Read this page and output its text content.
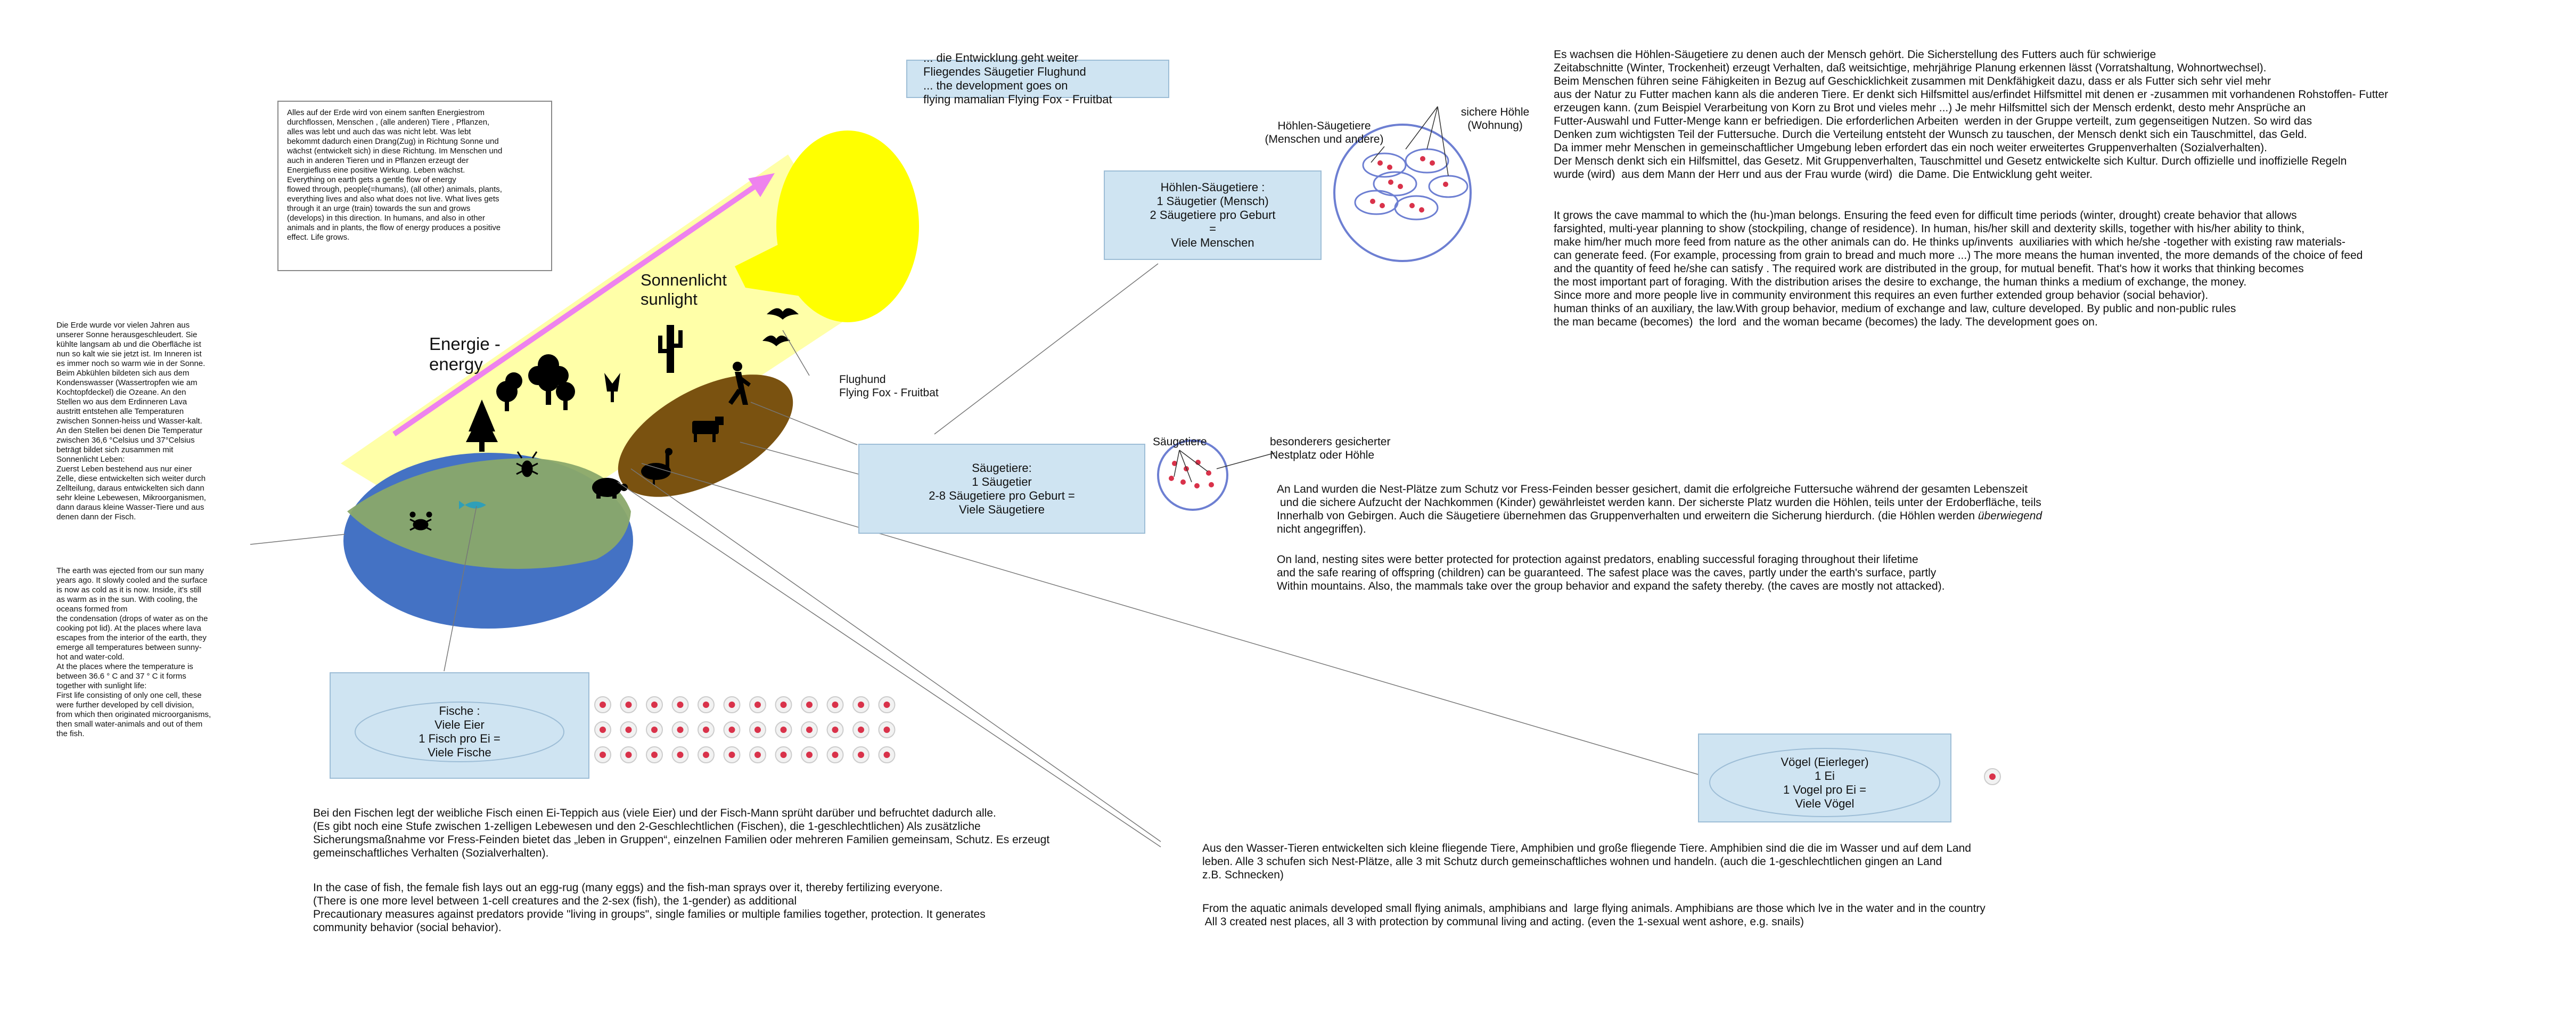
Die Erde wurde vor vielen Jahren aus
unserer Sonne herausgeschleudert. Sie
kühlte langsam ab und die Oberfläche ist
nun so kalt wie sie jetzt ist. Im Inneren ist
es immer noch so warm wie in der Sonne.
Beim Abkühlen bildeten sich aus dem
Kondenswasser (Wassertropfen wie am
Kochtopfdeckel) die Ozeane. An den
Stellen wo aus dem Erdinneren Lava
austritt entstehen alle Temperaturen
zwischen Sonnen-heiss und Wasser-kalt.
An den Stellen bei denen Die Temperatur
zwischen 36,6 °Celsius und 37°Celsius
beträgt bildet sich zusammen mit
Sonnenlicht Leben:
Zuerst Leben bestehend aus nur einer
Zelle, diese entwickelten sich weiter durch
Zellteilung, daraus entwickelten sich dann
sehr kleine Lebewesen, Mikroorganismen,
dann daraus kleine Wasser-Tiere und aus
denen dann der Fisch.
The earth was ejected from our sun many
years ago. It slowly cooled and the surface
is now as cold as it is now. Inside, it's still
as warm as in the sun. With cooling, the
oceans formed from
the condensation (drops of water as on the
cooking pot lid). At the places where lava
escapes from the interior of the earth, they
emerge all temperatures between sunny-
hot and water-cold.
At the places where the temperature is
between 36.6 ° C and 37 ° C it forms
together with sunlight life:
First life consisting of only one cell, these
were further developed by cell division,
from which then originated microorganisms,
then small water-animals and out of them
the fish.
Alles auf der Erde wird von einem sanften Energiestrom
durchflossen, Menschen , (alle anderen) Tiere , Pflanzen,
alles was lebt und auch das was nicht lebt. Was lebt
bekommt dadurch einen Drang(Zug) in Richtung Sonne und
wächst (entwickelt sich) in diese Richtung. Im Menschen und
auch in anderen Tieren und in Pflanzen erzeugt der
Energiefluss eine positive Wirkung. Leben wächst.
Everything on earth gets a gentle flow of energy
flowed through, people(=humans), (all other) animals, plants,
everything lives and also what does not live. What lives gets
through it an urge (train) towards the sun and grows
(develops) in this direction. In humans, and also in other
animals and in plants, the flow of energy produces a positive
effect. Life grows.
Energie -
energy
Sonnenlicht
sunlight
Flughund
Flying Fox - Fruitbat
... die Entwicklung geht weiter
Fliegendes Säugetier Flughund
... the development goes on
flying mamalian Flying Fox - Fruitbat
Höhlen-Säugetiere
(Menschen und andere)
sichere Höhle
(Wohnung)
Höhlen-Säugetiere :
1 Säugetier (Mensch)
2 Säugetiere pro Geburt
=
Viele Menschen
Es wachsen die Höhlen-Säugetiere zu denen auch der Mensch gehört. Die Sicherstellung des Futters auch für schwierige
Zeitabschnitte (Winter, Trockenheit) erzeugt Verhalten, daß weitsichtige, mehrjährige Planung erkennen lässt (Vorratshaltung, Wohnortwechsel).
Beim Menschen führen seine Fähigkeiten in Bezug auf Geschicklichkeit zusammen mit Denkfähigkeit dazu, dass er als Futter sich sehr viel mehr
aus der Natur zu Futter machen kann als die anderen Tiere. Er denkt sich Hilfsmittel aus/erfindet Hilfsmittel mit denen er -zusammen mit vorhandenen Rohstoffen- Futter
erzeugen kann. (zum Beispiel Verarbeitung von Korn zu Brot und vieles mehr ...) Je mehr Hilfsmittel sich der Mensch erdenkt, desto mehr Ansprüche an
Futter-Auswahl und Futter-Menge kann er befriedigen. Die erforderlichen Arbeiten  werden in der Gruppe verteilt, zum gegenseitigen Nutzen. So wird das
Denken zum wichtigsten Teil der Futtersuche. Durch die Verteilung entsteht der Wunsch zu tauschen, der Mensch denkt sich ein Tauschmittel, das Geld.
Da immer mehr Menschen in gemeinschaftlicher Umgebung leben erfordert das ein noch weiter erweitertes Gruppenverhalten (Sozialverhalten).
Der Mensch denkt sich ein Hilfsmittel, das Gesetz. Mit Gruppenverhalten, Tauschmittel und Gesetz entwickelte sich Kultur. Durch offizielle und inoffizielle Regeln
wurde (wird)  aus dem Mann der Herr und aus der Frau wurde (wird)  die Dame. Die Entwicklung geht weiter.
It grows the cave mammal to which the (hu-)man belongs. Ensuring the feed even for difficult time periods (winter, drought) create behavior that allows
farsighted, multi-year planning to show (stockpiling, change of residence). In human, his/her skill and dexterity skills, together with his/her ability to think,
make him/her much more feed from nature as the other animals can do. He thinks up/invents  auxiliaries with which he/she -together with existing raw materials-
can generate feed. (For example, processing from grain to bread and much more ...) The more means the human invented, the more demands of the choice of feed
and the quantity of feed he/she can satisfy . The required work are distributed in the group, for mutual benefit. That's how it works that thinking becomes
the most important part of foraging. With the distribution arises the desire to exchange, the human thinks a medium of exchange, the money.
Since more and more people live in community environment this requires an even further extended group behavior (social behavior).
human thinks of an auxiliary, the law.With group behavior, medium of exchange and law, culture developed. By public and non-public rules
the man became (becomes)  the lord  and the woman became (becomes) the lady. The development goes on.
Säugetiere	besonderers gesicherter
Nestplatz oder Höhle
Säugetiere:
1 Säugetier
2-8 Säugetiere pro Geburt =
Viele Säugetiere
An Land wurden die Nest-Plätze zum Schutz vor Fress-Feinden besser gesichert, damit die erfolgreiche Futtersuche während der gesamten Lebenszeit
und die sichere Aufzucht der Nachkommen (Kinder) gewährleistet werden kann. Der sicherste Platz wurden die Höhlen, teils unter der Erdoberfläche, teils
Innerhalb von Gebirgen. Auch die Säugetiere übernehmen das Gruppenverhalten und erweitern die Sicherung hierdurch. (die Höhlen werden überwiegend
nicht angegriffen).
On land, nesting sites were better protected for protection against predators, enabling successful foraging throughout their lifetime
and the safe rearing of offspring (children) can be guaranteed. The safest place was the caves, partly under the earth's surface, partly
Within mountains. Also, the mammals take over the group behavior and expand the safety thereby. (the caves are mostly not attacked).
Fische :
Viele Eier
1 Fisch pro Ei =
Viele Fische
Vögel (Eierleger)
1 Ei
1 Vogel pro Ei =
Viele Vögel
Bei den Fischen legt der weibliche Fisch einen Ei-Teppich aus (viele Eier) und der Fisch-Mann sprüht darüber und befruchtet dadurch alle.
(Es gibt noch eine Stufe zwischen 1-zelligen Lebewesen und den 2-Geschlechtlichen (Fischen), die 1-geschlechtlichen) Als zusätzliche
Sicherungsmaßnahme vor Fress-Feinden bietet das „leben in Gruppen“, einzelnen Familien oder mehreren Familien gemeinsam, Schutz. Es erzeugt
gemeinschaftliches Verhalten (Sozialverhalten).
In the case of fish, the female fish lays out an egg-rug (many eggs) and the fish-man sprays over it, thereby fertilizing everyone.
(There is one more level between 1-cell creatures and the 2-sex (fish), the 1-gender) as additional
Precautionary measures against predators provide "living in groups", single families or multiple families together, protection. It generates
community behavior (social behavior).
Aus den Wasser-Tieren entwickelten sich kleine fliegende Tiere, Amphibien und große fliegende Tiere. Amphibien sind die die im Wasser und auf dem Land
leben. Alle 3 schufen sich Nest-Plätze, alle 3 mit Schutz durch gemeinschaftliches wohnen und handeln. (auch die 1-geschlechtlichen gingen an Land
z.B. Schnecken)
From the aquatic animals developed small flying animals, amphibians and  large flying animals. Amphibians are those which lve in the water and in the country
All 3 created nest places, all 3 with protection by communal living and acting. (even the 1-sexual went ashore, e.g. snails)
